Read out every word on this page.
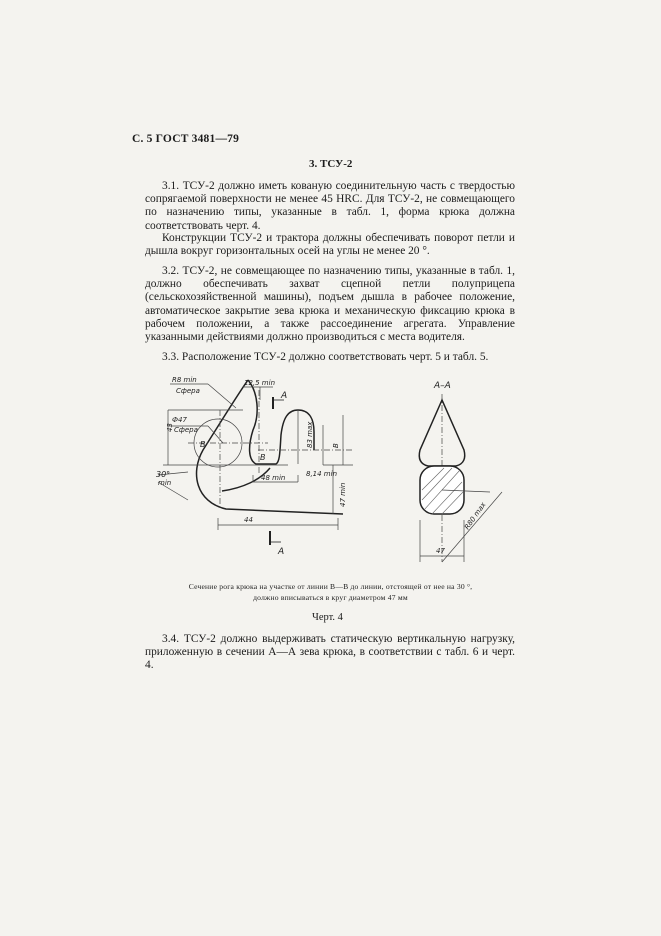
С. 5 ГОСТ 3481—79
3. ТСУ-2

3.1. ТСУ-2 должно иметь кованую соединительную часть с твердостью сопрягаемой поверхности не менее 45 HRC. Для ТСУ-2, не совмещающего по назначению типы, указанные в табл. 1, форма крюка должна соответствовать черт. 4.

Конструкции ТСУ-2 и трактора должны обеспечивать поворот петли и дышла вокруг горизонтальных осей на углы не менее 20 °.

3.2. ТСУ-2, не совмещающее по назначению типы, указанные в табл. 1, должно обеспечивать захват сцепной петли полуприцепа (сельскохозяйственной машины), подъем дышла в рабочее положение, автоматическое закрытие зева крюка и механическую фиксацию крюка в рабочем положении, а также рассоединение агрегата. Управление указанными действиями должно производиться с места водителя.

3.3. Расположение ТСУ-2 должно соответствовать черт. 5 и табл. 5.

R8 min
Сфера
12,5 min
А
Ф47
Сфера
43
В
В
83 max	В
8,14 min
48 min
47 min
30°
min
44
А
А–А
R80 max
47
Сечение рога крюка на участке от линии В—В до линии, отстоящей от нее на 30 °,
должно вписываться в круг диаметром 47 мм
Черт. 4

3.4. ТСУ-2 должно выдерживать статическую вертикальную нагрузку, приложенную в сечении А—А зева крюка, в соответствии с табл. 6 и черт. 4.
